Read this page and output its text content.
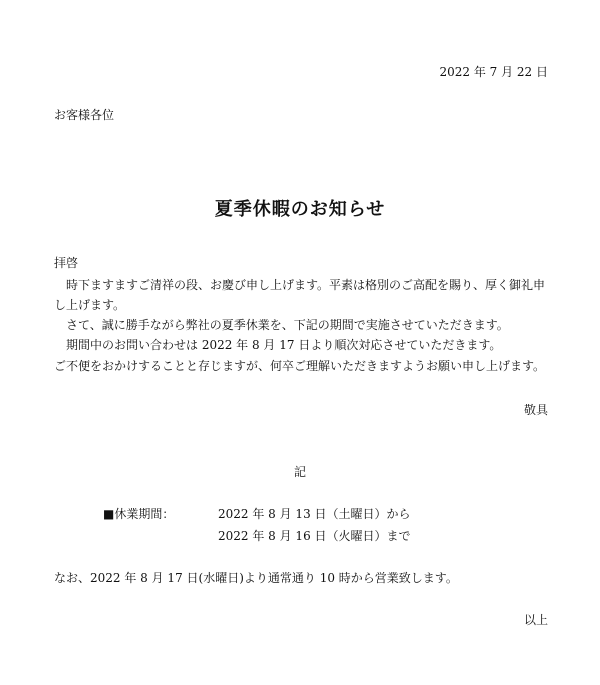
2022 年 7 月 22 日
お客様各位
夏季休暇のお知らせ
拝啓
　時下ますますご清祥の段、お慶び申し上げます。平素は格別のご高配を賜り、厚く御礼申し上げます。
　さて、誠に勝手ながら弊社の夏季休業を、下記の期間で実施させていただきます。
　期間中のお問い合わせは 2022 年 8 月 17 日より順次対応させていただきます。
ご不便をおかけすることと存じますが、何卒ご理解いただきますようお願い申し上げます。
敬具
記
■休業期間：	2022 年 8 月 13 日（土曜日）から
2022 年 8 月 16 日（火曜日）まで
なお、2022 年 8 月 17 日(水曜日)より通常通り 10 時から営業致します。
以上
